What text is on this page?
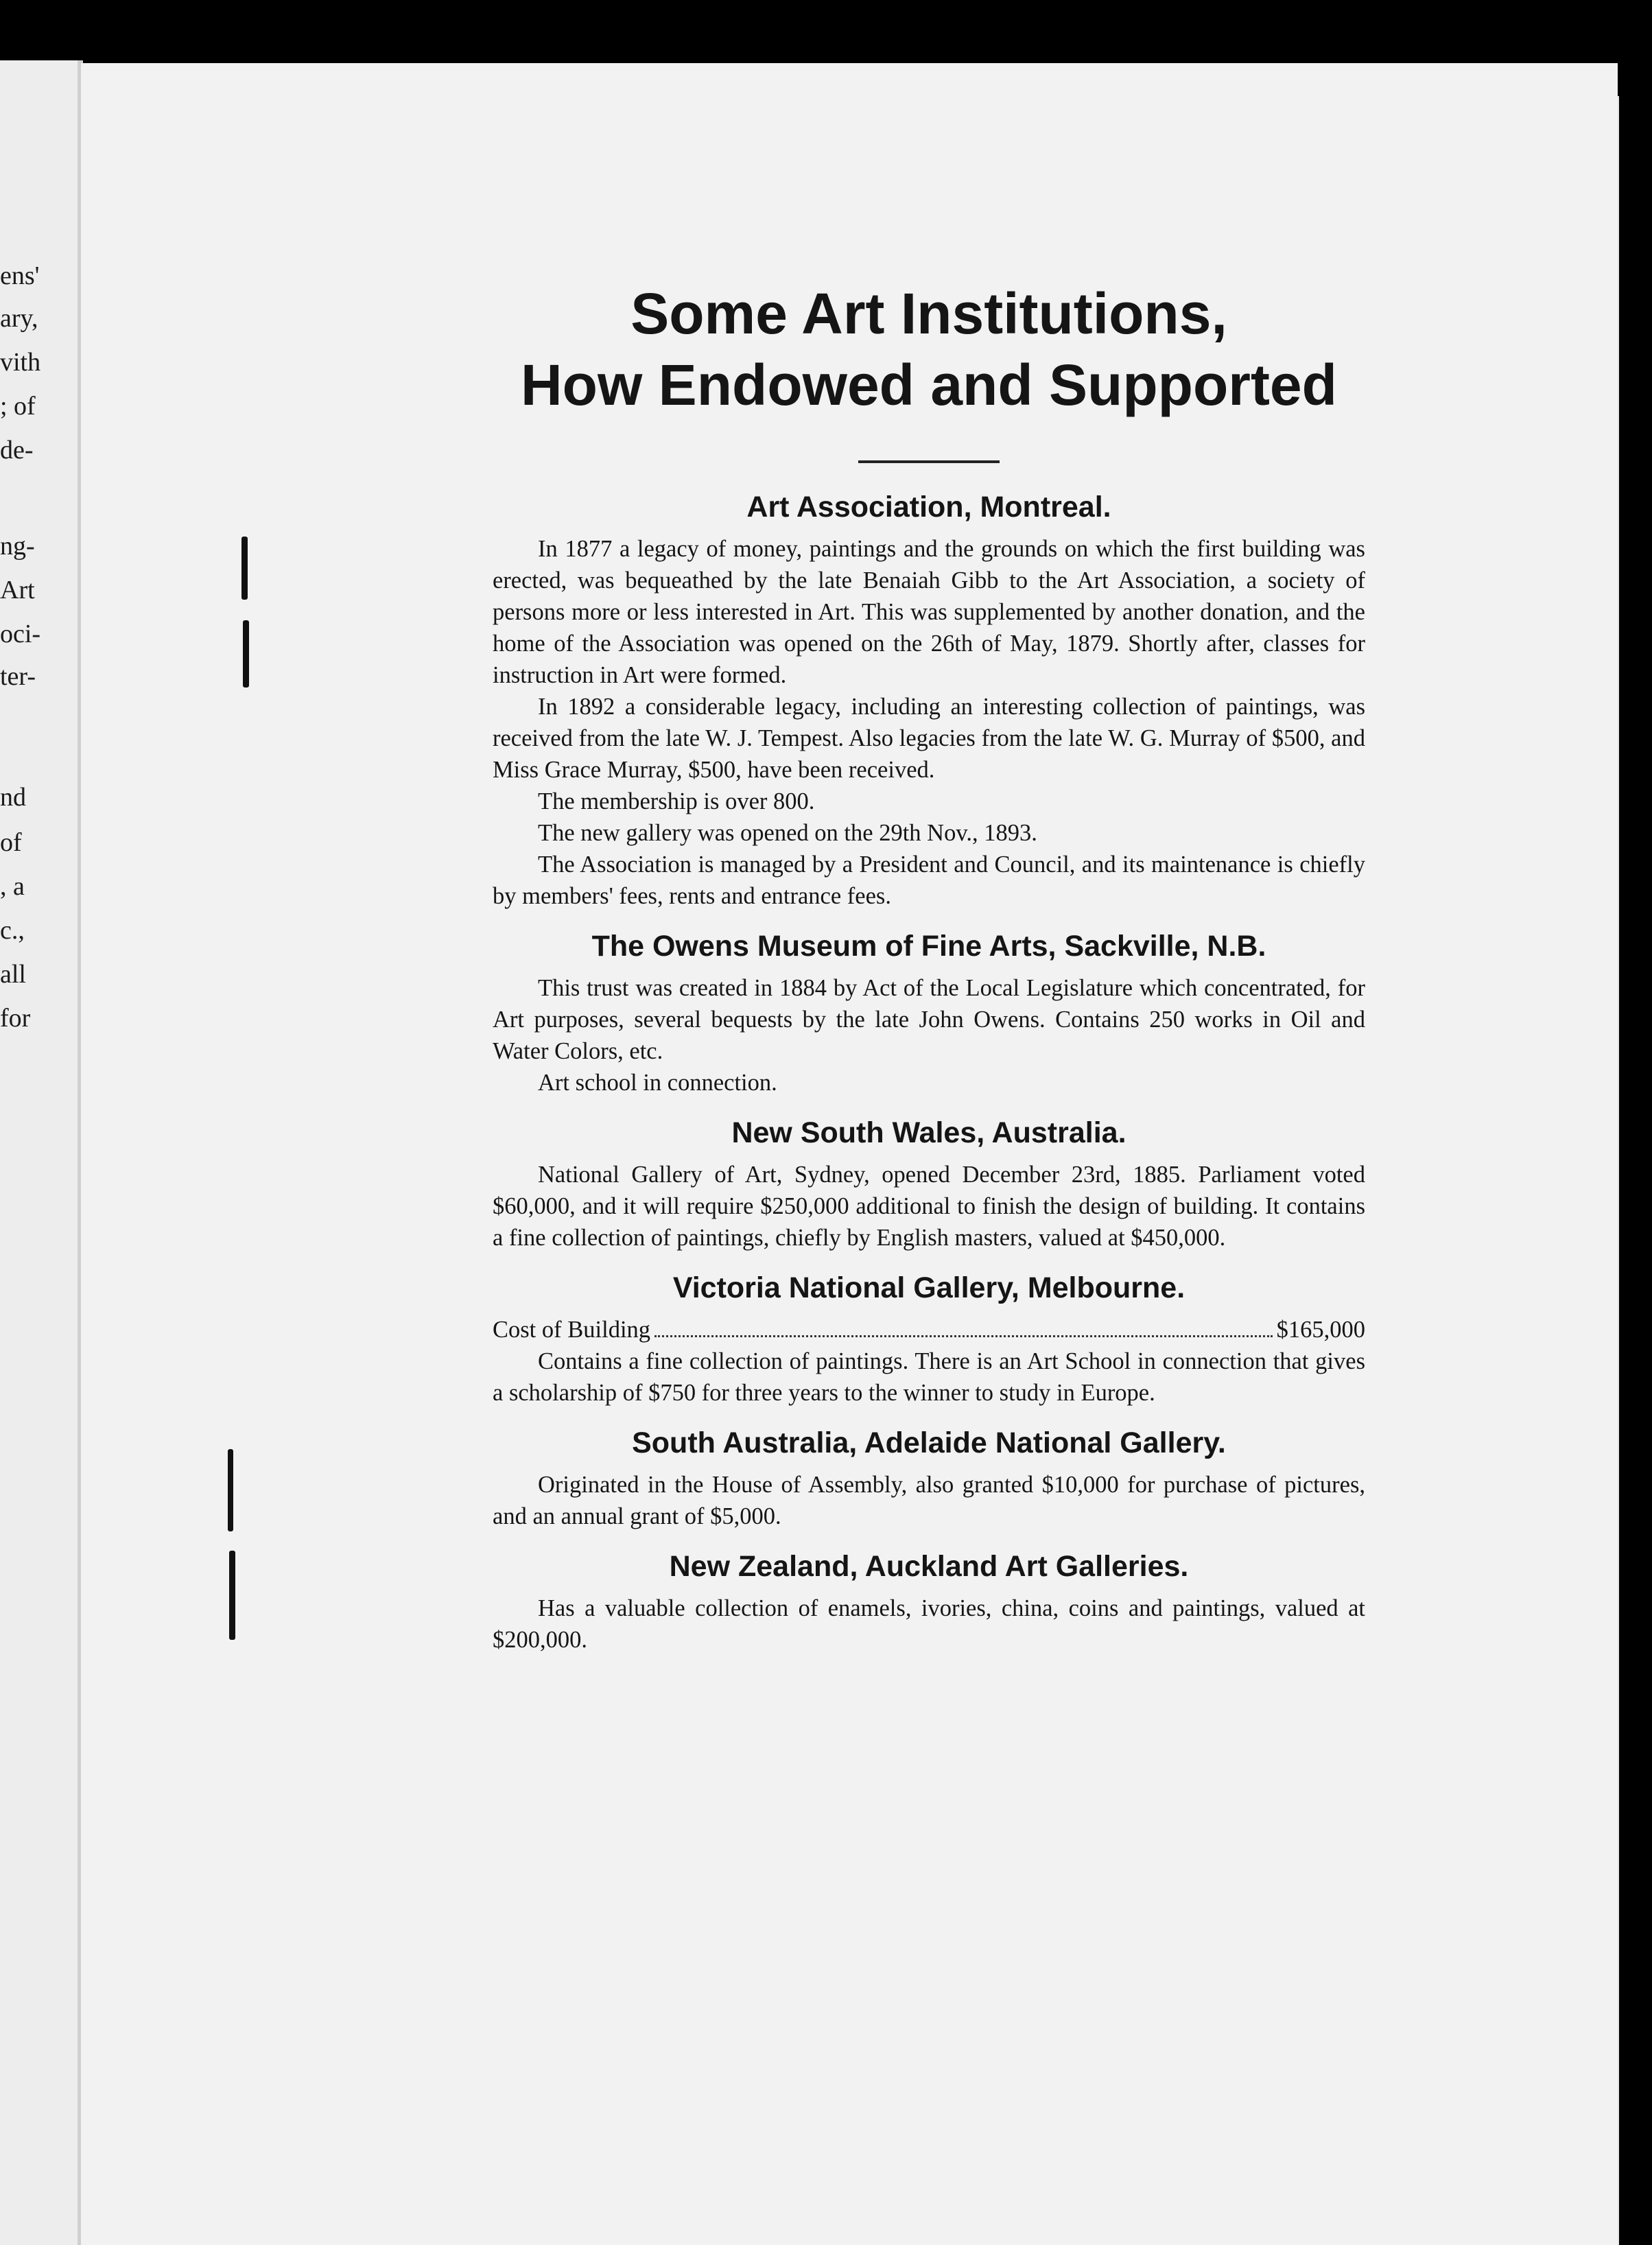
ens'
ary,
vith
; of
de-
ng-
Art
oci-
ter-
nd
of
, a
c.,
all
for
Some Art Institutions,
How Endowed and Supported
Art Association, Montreal.

In 1877 a legacy of money, paintings and the grounds on which the first building was erected, was bequeathed by the late Benaiah Gibb to the Art Association, a society of persons more or less interested in Art. This was supplemented by another donation, and the home of the Association was opened on the 26th of May, 1879. Shortly after, classes for instruction in Art were formed.

In 1892 a considerable legacy, including an interesting collection of paintings, was received from the late W. J. Tempest. Also legacies from the late W. G. Murray of $500, and Miss Grace Murray, $500, have been received.

The membership is over 800.

The new gallery was opened on the 29th Nov., 1893.

The Association is managed by a President and Council, and its maintenance is chiefly by members' fees, rents and entrance fees.

The Owens Museum of Fine Arts, Sackville, N.B.

This trust was created in 1884 by Act of the Local Legislature which concentrated, for Art purposes, several bequests by the late John Owens. Contains 250 works in Oil and Water Colors, etc.

Art school in connection.

New South Wales, Australia.

National Gallery of Art, Sydney, opened December 23rd, 1885. Parliament voted $60,000, and it will require $250,000 additional to finish the design of building. It contains a fine collection of paintings, chiefly by English masters, valued at $450,000.

Victoria National Gallery, Melbourne.
Cost of Building	$165,000

Contains a fine collection of paintings. There is an Art School in connection that gives a scholarship of $750 for three years to the winner to study in Europe.

South Australia, Adelaide National Gallery.

Originated in the House of Assembly, also granted $10,000 for purchase of pictures, and an annual grant of $5,000.

New Zealand, Auckland Art Galleries.

Has a valuable collection of enamels, ivories, china, coins and paintings, valued at $200,000.
